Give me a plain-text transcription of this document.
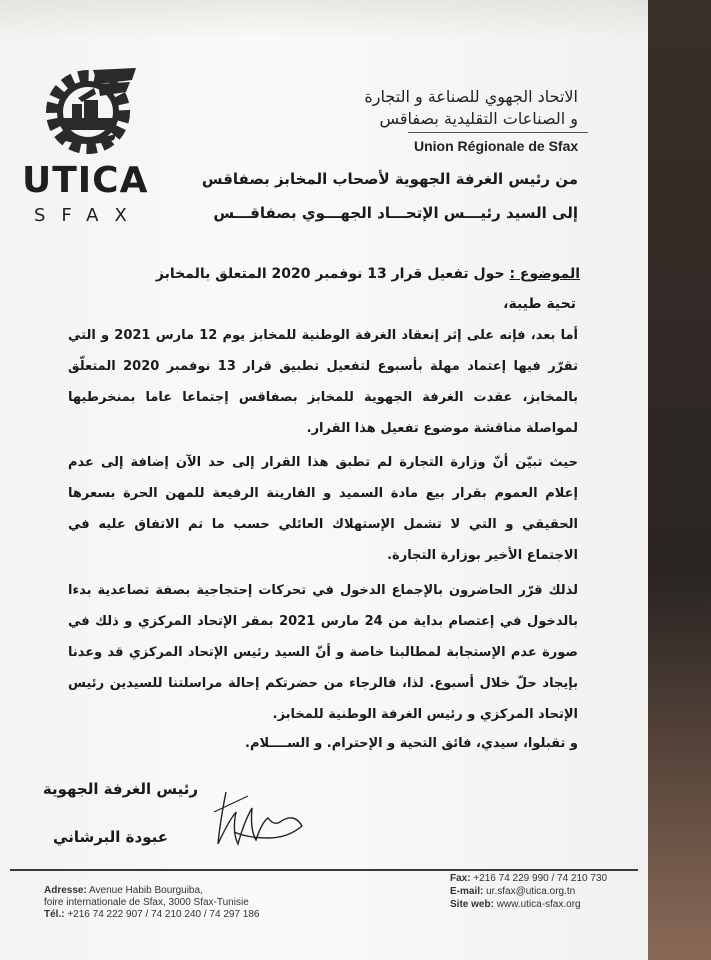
UTICA
SFAX
الاتحاد الجهوي للصناعة و التجارة
و الصناعات التقليدية بصفاقس
Union Régionale de Sfax
من رئيس الغرفة الجهوية لأصحاب المخابز بصفاقس
إلى السيد رئيـــس الإتحـــاد الجهـــوي بصفاقـــس
الموضوع : حول تفعيل قرار 13 نوفمبر 2020 المتعلق بالمخابز
تحية طيبة،
أما بعد، فإنه على إثر إنعقاد الغرفة الوطنية للمخابز يوم 12 مارس 2021 و التي تقرّر فيها إعتماد مهلة بأسبوع لتفعيل تطبيق قرار 13 نوفمبر 2020 المتعلّق بالمخابز، عقدت الغرفة الجهوية للمخابز بصفاقس إجتماعا عاما بمنخرطيها لمواصلة مناقشة موضوع تفعيل هذا القرار.
حيث تبيّن أنّ وزارة التجارة لم تطبق هذا القرار إلى حد الآن إضافة إلى عدم إعلام العموم بقرار بيع مادة السميد و الفارينة الرفيعة للمهن الحرة بسعرها الحقيقي و التي لا تشمل الإستهلاك العائلي حسب ما تم الاتفاق عليه في الاجتماع الأخير بوزارة التجارة.
لذلك قرّر الحاضرون بالإجماع الدخول في تحركات إحتجاجية بصفة تصاعدية بدءا بالدخول في إعتصام بداية من 24 مارس 2021 بمقر الإتحاد المركزي و ذلك في صورة عدم الإستجابة لمطالبنا خاصة و أنّ السيد رئيس الإتحاد المركزي قد وعدنا بإيجاد حلّ خلال أسبوع. لذا، فالرجاء من حضرتكم إحالة مراسلتنا للسيدين رئيس الإتحاد المركزي و رئيس الغرفة الوطنية للمخابز.
و تقبلوا، سيدي، فائق التحية و الإحترام. و الســــلام.
رئيس الغرفة الجهوية
عبودة البرشاني
Adresse: Avenue Habib Bourguiba,
foire internationale de Sfax, 3000 Sfax-Tunisie
Tél.: +216 74 222 907 / 74 210 240 / 74 297 186
Fax: +216 74 229 990 / 74 210 730
E-mail: ur.sfax@utica.org.tn
Site web: www.utica-sfax.org
